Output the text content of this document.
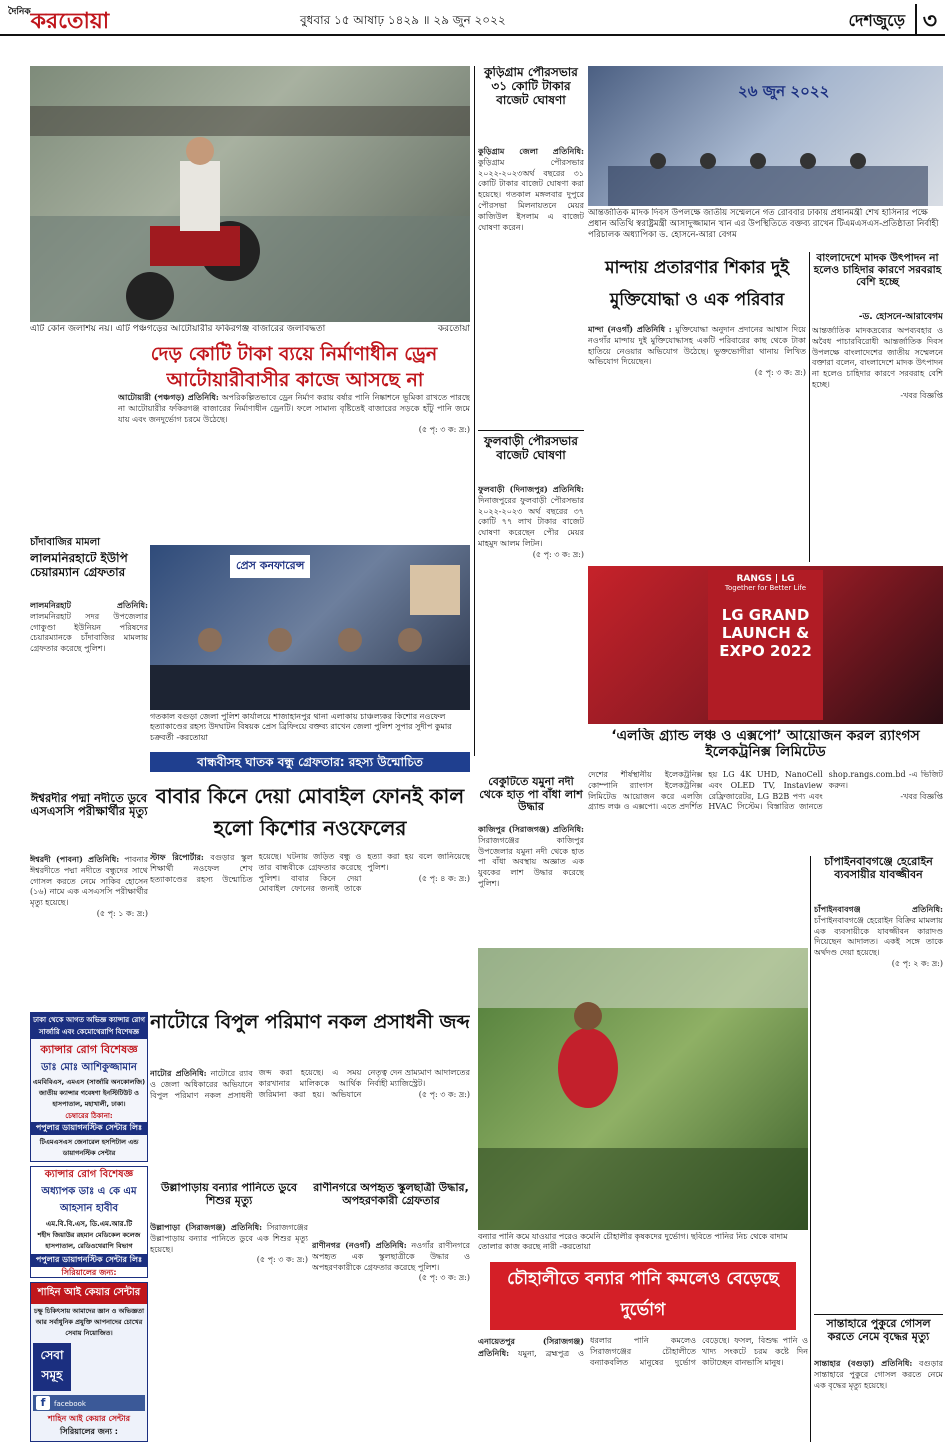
$^{দৈনিক}$করতোয়া	বুধবার ১৫ আষাঢ় ১৪২৯ ॥ ২৯ জুন ২০২২	দেশজুড়ে ৩
এটি কোন জলাশয় নয়। এটি পঞ্চগড়ের আটোয়ারীর ফকিরগঞ্জ বাজারের জলাবদ্ধতা	করতোয়া
দেড় কোটি টাকা ব্যয়ে নির্মাণাধীন ড্রেন
আটোয়ারীবাসীর কাজে আসছে না
আটোয়ারী (পঞ্চগড়) প্রতিনিধি: অপরিকল্পিতভাবে ড্রেন নির্মাণ করায় বর্ষার পানি নিষ্কাশনে ভূমিকা রাখতে পারছে না আটোয়ারীর ফকিরগঞ্জ বাজারের নির্মাণাধীন ড্রেনটি। ফলে সামান্য বৃষ্টিতেই বাজারের সড়কে হাঁটু পানি জমে যায় এবং জনদুর্ভোগ চরমে উঠেছে।
(৫ পৃ: ৩ ক: দ্র:)
কুড়িগ্রাম পৌরসভার ৩১ কোটি টাকার বাজেট ঘোষণা
কুড়িগ্রাম জেলা প্রতিনিধি: কুড়িগ্রাম পৌরসভার ২০২২-২০২৩অর্থ বছরের ৩১ কোটি টাকার বাজেট ঘোষণা করা হয়েছে। গতকাল মঙ্গলবার দুপুরে পৌরসভা মিলনায়তনে মেয়র কাজিউল ইসলাম এ বাজেট ঘোষণা করেন।
ফুলবাড়ী পৌরসভার বাজেট ঘোষণা
ফুলবাড়ী (দিনাজপুর) প্রতিনিধি: দিনাজপুরের ফুলবাড়ী পৌরসভার ২০২২-২০২৩ অর্থ বছরের ৩৭ কোটি ৭৭ লাখ টাকার বাজেট ঘোষণা করেছেন পৌর মেয়র মাহমুদ আলম লিটন।
(৫ পৃ: ৩ ক: দ্র:)
২৬ জুন ২০২২
আন্তর্জাতিক মাদক দিবস উপলক্ষে জাতীয় সম্মেলনে গত রোববার ঢাকায় প্রধানমন্ত্রী শেখ হাসিনার পক্ষে প্রধান অতিথি স্বরাষ্ট্রমন্ত্রী আসাদুজ্জামান খান এর উপস্থিতিতে বক্তব্য রাখেন টিএমএসএস-প্রতিষ্ঠাতা নির্বাহী পরিচালক অধ্যাপিকা ড. হোসনে-আরা বেগম
মান্দায় প্রতারণার শিকার দুই মুক্তিযোদ্ধা ও এক পরিবার
মান্দা (নওগাঁ) প্রতিনিধি : মুক্তিযোদ্ধা অনুদান প্রদানের আশ্বাস দিয়ে নওগাঁর মান্দায় দুই মুক্তিযোদ্ধাসহ একটি পরিবারের কাছ থেকে টাকা হাতিয়ে নেওয়ার অভিযোগ উঠেছে। ভুক্তভোগীরা থানায় লিখিত অভিযোগ দিয়েছেন।
(৫ পৃ: ৩ ক: দ্র:)
বাংলাদেশে মাদক উৎপাদন না হলেও চাহিদার কারণে সরবরাহ বেশি হচ্ছে
-ড. হোসনে-আরাবেগম
আন্তর্জাতিক মাদকদ্রব্যের অপব্যবহার ও অবৈধ পাচারবিরোধী আন্তর্জাতিক দিবস উপলক্ষে বাংলাদেশের জাতীয় সম্মেলনে বক্তারা বলেন, বাংলাদেশে মাদক উৎপাদন না হলেও চাহিদার কারণে সরবরাহ বেশি হচ্ছে।
-খবর বিজ্ঞপ্তি
RANGS | LG
Together for Better Life
LG GRAND
LAUNCH &
EXPO 2022
‘এলজি গ্র্যান্ড লঞ্চ ও এক্সপো’ আয়োজন করল র‍্যাংগস ইলেকট্রনিক্স লিমিটেড
দেশের শীর্ষস্থানীয় ইলেকট্রনিক্স কোম্পানি র‍্যাংগস ইলেকট্রনিক্স লিমিটেড আয়োজন করে এলজি গ্র্যান্ড লঞ্চ ও এক্সপো। এতে প্রদর্শিত হয় LG 4K UHD, NanoCell এবং OLED TV, Instaview রেফ্রিজারেটর, LG B2B পণ্য এবং HVAC সিস্টেম। বিস্তারিত জানতে shop.rangs.com.bd -এ ভিজিট করুন।
-খবর বিজ্ঞপ্তি
চাঁদাবাজির মামলা
লালমনিরহাটে ইউপি চেয়ারম্যান গ্রেফতার
লালমনিরহাট প্রতিনিধি: লালমনিরহাট সদর উপজেলার গোকুণ্ডা ইউনিয়ন পরিষদের চেয়ারম্যানকে চাঁদাবাজির মামলায় গ্রেফতার করেছে পুলিশ।
প্রেস কনফারেন্স
গতকাল বগুড়া জেলা পুলিশ কার্যালয়ে শাজাহানপুর থানা এলাকায় চাঞ্চল্যকর কিশোর নওফেল হত্যাকাণ্ডের রহস্য উদঘাটন বিষয়ক প্রেস ব্রিফিংয়ে বক্তব্য রাখেন জেলা পুলিশ সুপার সুদীপ কুমার চক্রবর্তী -করতোয়া
বান্ধবীসহ ঘাতক বন্ধু গ্রেফতার: রহস্য উন্মোচিত
বাবার কিনে দেয়া মোবাইল ফোনই কাল হলো কিশোর নওফেলের
স্টাফ রিপোর্টার: বগুড়ার স্কুল শিক্ষার্থী নওফেল শেখ হত্যাকাণ্ডের রহস্য উন্মোচিত হয়েছে। ঘটনায় জড়িত বন্ধু ও তার বান্ধবীকে গ্রেফতার করেছে পুলিশ। বাবার কিনে দেয়া মোবাইল ফোনের জন্যই তাকে হত্যা করা হয় বলে জানিয়েছে পুলিশ।
(৫ পৃ: ৪ ক: দ্র:)
ঈশ্বরদীর পদ্মা নদীতে ডুবে এসএসসি পরীক্ষার্থীর মৃত্যু
ঈশ্বরদী (পাবনা) প্রতিনিধি: পাবনার ঈশ্বরদীতে পদ্মা নদীতে বন্ধুদের সাথে গোসল করতে নেমে সাকিব হোসেন (১৬) নামে এক এসএসসি পরীক্ষার্থীর মৃত্যু হয়েছে।
(৫ পৃ: ১ ক: দ্র:)
বেকুটিতে যমুনা নদী থেকে হাত পা বাঁধা লাশ উদ্ধার
কাজিপুর (সিরাজগঞ্জ) প্রতিনিধি: সিরাজগঞ্জের কাজিপুর উপজেলার যমুনা নদী থেকে হাত পা বাঁধা অবস্থায় অজ্ঞাত এক যুবকের লাশ উদ্ধার করেছে পুলিশ।
ঢাকা থেকে আগত অভিজ্ঞ ক্যান্সার রোগ সার্জারি এবং কেমোথেরাপি বিশেষজ্ঞ
ক্যান্সার রোগ বিশেষজ্ঞ
ডাঃ মোঃ আশিকুজ্জামান
এমবিবিএস, এমএস (সার্জারি অনকোলজি)
জাতীয় ক্যান্সার গবেষণা ইনস্টিটিউট ও হাসপাতাল, মহাখালী, ঢাকা।
চেম্বারের ঠিকানা:
পপুলার ডায়াগনস্টিক সেন্টার লিঃ
টিএমএসএস জেনারেল হসপিটাল এন্ড ডায়াগনস্টিক সেন্টার
ক্যান্সার রোগ বিশেষজ্ঞ
অধ্যাপক ডাঃ এ কে এম আহসান হাবীব
এম.বি.বি.এস, ডি.এম.আর.টি
শহীদ জিয়াউর রহমান মেডিকেল কলেজ হাসপাতাল, রেডিওথেরাপি বিভাগ
পপুলার ডায়াগনস্টিক সেন্টার লিঃ
সিরিয়ালের জন্য:
শাহিন আই কেয়ার সেন্টার
চক্ষু চিকিৎসায় আমাদের জ্ঞান ও অভিজ্ঞতা আর সর্বাধুনিক প্রযুক্তি আপনাদের চোখের সেবায় নিয়োজিত।
সেবা সমূহ
f facebook
শাহিন আই কেয়ার সেন্টার
সিরিয়ালের জন্য :
নাটোরে বিপুল পরিমাণ নকল প্রসাধনী জব্দ
নাটোর প্রতিনিধি: নাটোরে র‍্যাব ও জেলা অধিকারের অভিযানে বিপুল পরিমাণ নকল প্রসাধনী জব্দ করা হয়েছে। এ সময় কারখানার মালিককে আর্থিক জরিমানা করা হয়। অভিযানে নেতৃত্ব দেন ভ্রাম্যমাণ আদালতের নির্বাহী ম্যাজিস্ট্রেট।
(৫ পৃ: ৩ ক: দ্র:)
উল্লাপাড়ায় বন্যার পানিতে ডুবে শিশুর মৃত্যু
উল্লাপাড়া (সিরাজগঞ্জ) প্রতিনিধি: সিরাজগঞ্জের উল্লাপাড়ায় বন্যার পানিতে ডুবে এক শিশুর মৃত্যু হয়েছে।
(৫ পৃ: ৩ ক: দ্র:)
রাণীনগরে অপহৃত স্কুলছাত্রী উদ্ধার, অপহরণকারী গ্রেফতার
রাণীনগর (নওগাঁ) প্রতিনিধি: নওগাঁর রাণীনগরে অপহৃত এক স্কুলছাত্রীকে উদ্ধার ও অপহরণকারীকে গ্রেফতার করেছে পুলিশ।
(৫ পৃ: ৩ ক: দ্র:)
বন্যার পানি কমে যাওয়ার পরেও কমেনি চৌহালীর কৃষকদের দুর্ভোগ। ছবিতে পানির নিচ থেকে বাদাম তোলার কাজ করছে নারী -করতোয়া
চৌহালীতে বন্যার পানি কমলেও বেড়েছে দুর্ভোগ
এনায়েতপুর (সিরাজগঞ্জ) প্রতিনিধি: যমুনা, ব্রহ্মপুত্র ও ধরলার পানি কমলেও সিরাজগঞ্জের চৌহালীতে বন্যাকবলিত মানুষের দুর্ভোগ বেড়েছে। ফসল, বিশুদ্ধ পানি ও খাদ্য সংকটে চরম কষ্টে দিন কাটাচ্ছেন বানভাসি মানুষ।
চাঁপাইনবাবগঞ্জে হেরোইন ব্যবসায়ীর যাবজ্জীবন
চাঁপাইনবাবগঞ্জ প্রতিনিধি: চাঁপাইনবাবগঞ্জে হেরোইন বিক্রির মামলায় এক ব্যবসায়ীকে যাবজ্জীবন কারাদণ্ড দিয়েছেন আদালত। একই সঙ্গে তাকে অর্থদণ্ড দেয়া হয়েছে।
(৫ পৃ: ২ ক: দ্র:)
সান্তাহারে পুকুরে গোসল করতে নেমে বৃদ্ধের মৃত্যু
সান্তাহার (বগুড়া) প্রতিনিধি: বগুড়ার সান্তাহারে পুকুরে গোসল করতে নেমে এক বৃদ্ধের মৃত্যু হয়েছে।
